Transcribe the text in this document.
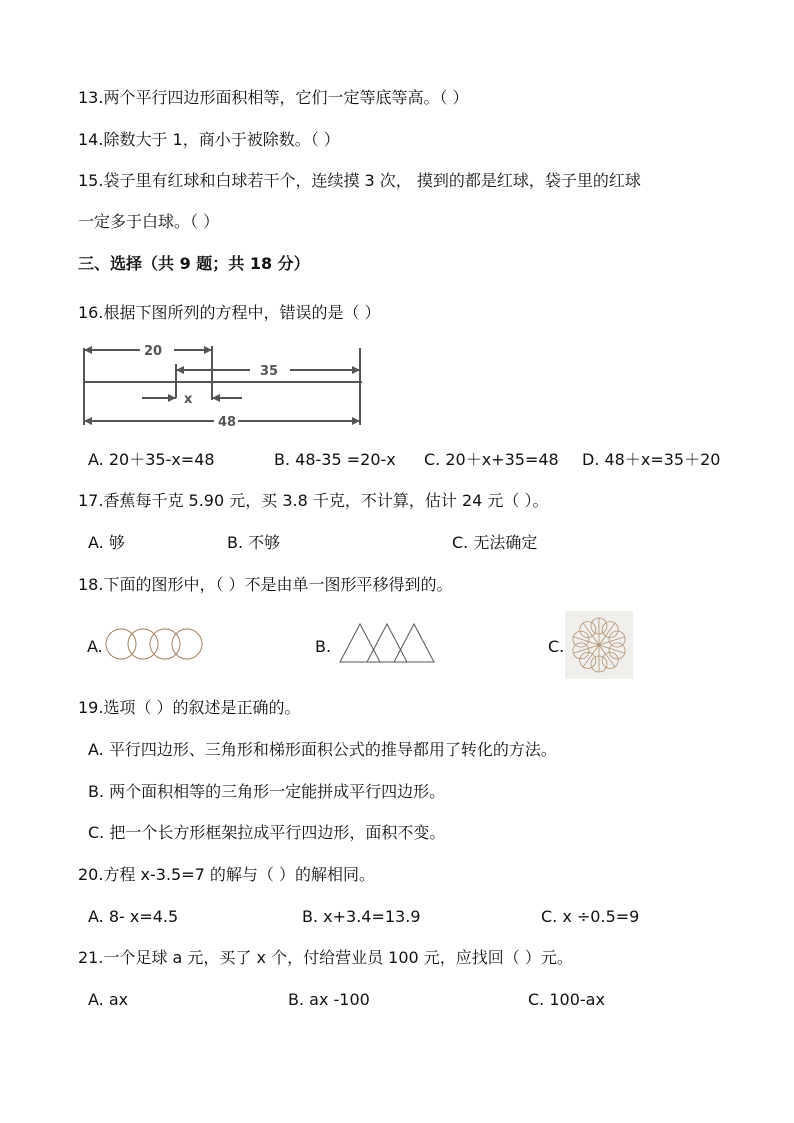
13.两个平行四边形面积相等，它们一定等底等高。（ ）
14.除数大于 1，商小于被除数。（ ）
15.袋子里有红球和白球若干个，连续摸 3 次， 摸到的都是红球，袋子里的红球
一定多于白球。（ ）
三、选择（共 9 题；共 18 分）
16.根据下图所列的方程中，错误的是（ ）
20
35
x
48
A. 20＋35-x=48	B. 48-35 =20-x C. 20＋x+35=48 D. 48＋x=35＋20
17.香蕉每千克 5.90 元，买 3.8 千克，不计算，估计 24 元（ ）。
A. 够	B. 不够	C. 无法确定
18.下面的图形中，（ ）不是由单一图形平移得到的。
A.	B.	C.
19.选项（ ）的叙述是正确的。
A. 平行四边形、三角形和梯形面积公式的推导都用了转化的方法。
B. 两个面积相等的三角形一定能拼成平行四边形。
C. 把一个长方形框架拉成平行四边形，面积不变。
20.方程 x-3.5=7 的解与（ ）的解相同。
A. 8- x=4.5	B. x+3.4=13.9	C. x ÷0.5=9
21.一个足球 a 元，买了 x 个，付给营业员 100 元，应找回（ ）元。
A. ax	B. ax -100	C. 100-ax
